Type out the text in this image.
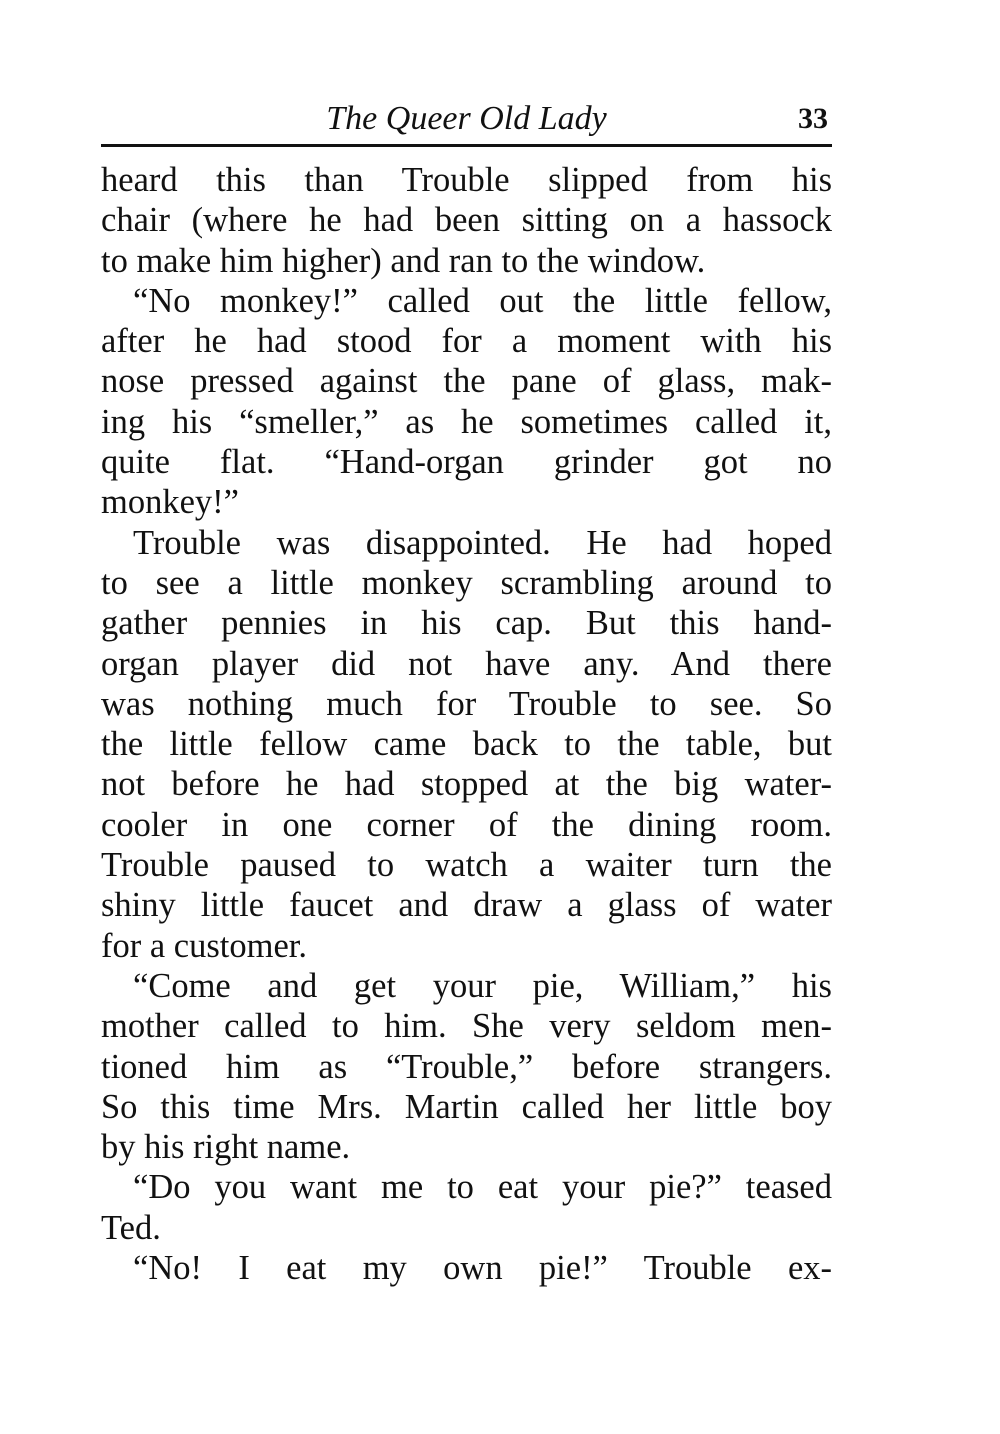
The Queer Old Lady	33
heard this than Trouble slipped from his
chair (where he had been sitting on a hassock
to make him higher) and ran to the window.
“No monkey!” called out the little fellow,
after he had stood for a moment with his
nose pressed against the pane of glass, mak-
ing his “smeller,” as he sometimes called it,
quite flat. “Hand-organ grinder got no
monkey!”
Trouble was disappointed. He had hoped
to see a little monkey scrambling around to
gather pennies in his cap. But this hand-
organ player did not have any. And there
was nothing much for Trouble to see. So
the little fellow came back to the table, but
not before he had stopped at the big water-
cooler in one corner of the dining room.
Trouble paused to watch a waiter turn the
shiny little faucet and draw a glass of water
for a customer.
“Come and get your pie, William,” his
mother called to him. She very seldom men-
tioned him as “Trouble,” before strangers.
So this time Mrs. Martin called her little boy
by his right name.
“Do you want me to eat your pie?” teased
Ted.
“No! I eat my own pie!” Trouble ex-
